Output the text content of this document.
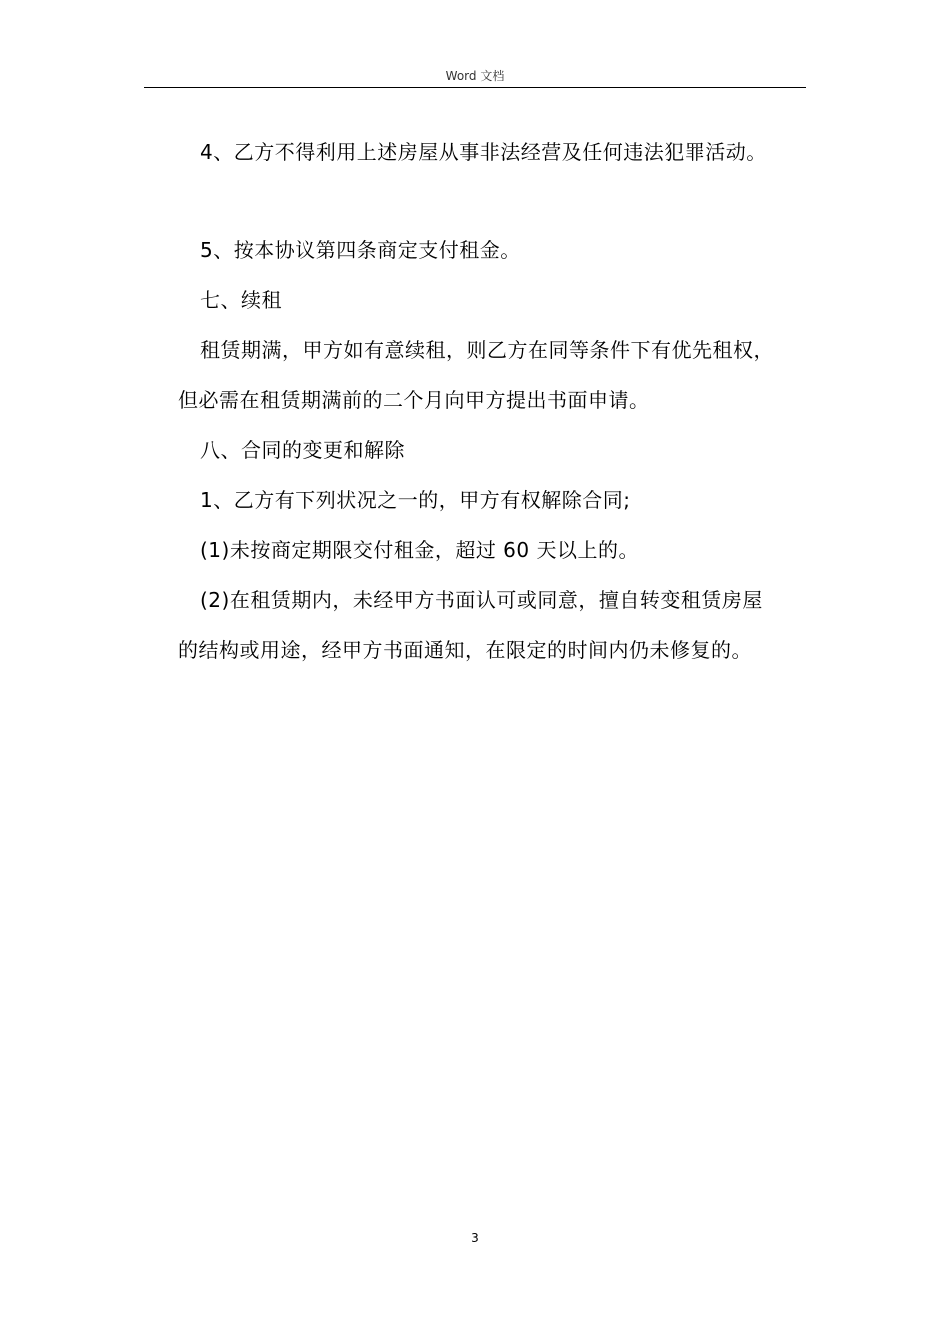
Word 文档
4、乙方不得利用上述房屋从事非法经营及任何违法犯罪活动。
5、按本协议第四条商定支付租金。
七、续租
租赁期满，甲方如有意续租，则乙方在同等条件下有优先租权，
但必需在租赁期满前的二个月向甲方提出书面申请。
八、合同的变更和解除
1、乙方有下列状况之一的，甲方有权解除合同;
(1)未按商定期限交付租金，超过 60 天以上的。
(2)在租赁期内，未经甲方书面认可或同意，擅自转变租赁房屋
的结构或用途，经甲方书面通知，在限定的时间内仍未修复的。
3
